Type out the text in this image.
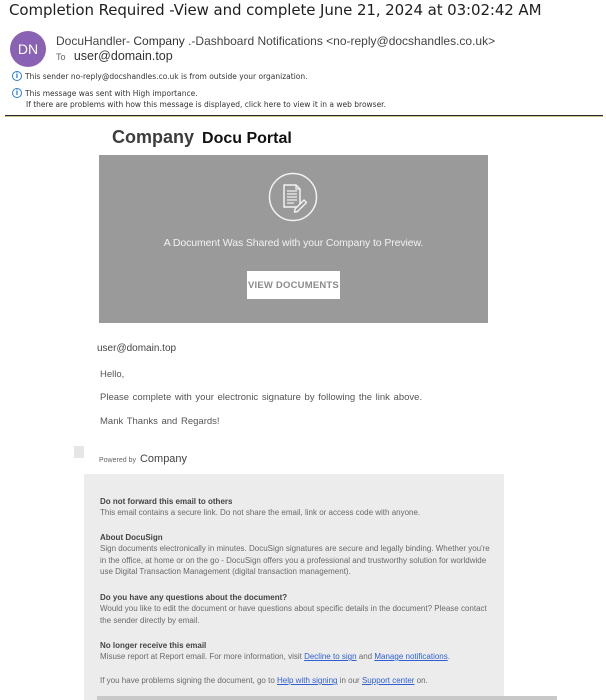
Completion Required -View and complete June 21, 2024 at 03:02:42 AM
DN	DocuHandler- Company .-Dashboard Notifications <no-reply@docshandles.co.uk>
To user@domain.top
i This sender no-reply@docshandles.co.uk is from outside your organization.
i This message was sent with High importance.
If there are problems with how this message is displayed, click here to view it in a web browser.
Company Docu Portal
A Document Was Shared with your Company to Preview.
VIEW DOCUMENTS
user@domain.top
Hello,
Please complete with your electronic signature by following the link above.
Mank Thanks and Regards!
Powered by Company
Do not forward this email to others
This email contains a secure link. Do not share the email, link or access code with anyone.
About DocuSign
Sign documents electronically in minutes. DocuSign signatures are secure and legally binding. Whether you're in the office, at home or on the go - DocuSign offers you a professional and trustworthy solution for worldwide use Digital Transaction Management (digital transaction management).
Do you have any questions about the document?
Would you like to edit the document or have questions about specific details in the document? Please contact the sender directly by email.
No longer receive this email
Misuse report at Report email. For more information, visit Decline to sign and Manage notifications.
If you have problems signing the document, go to Help with signing in our Support center on.
